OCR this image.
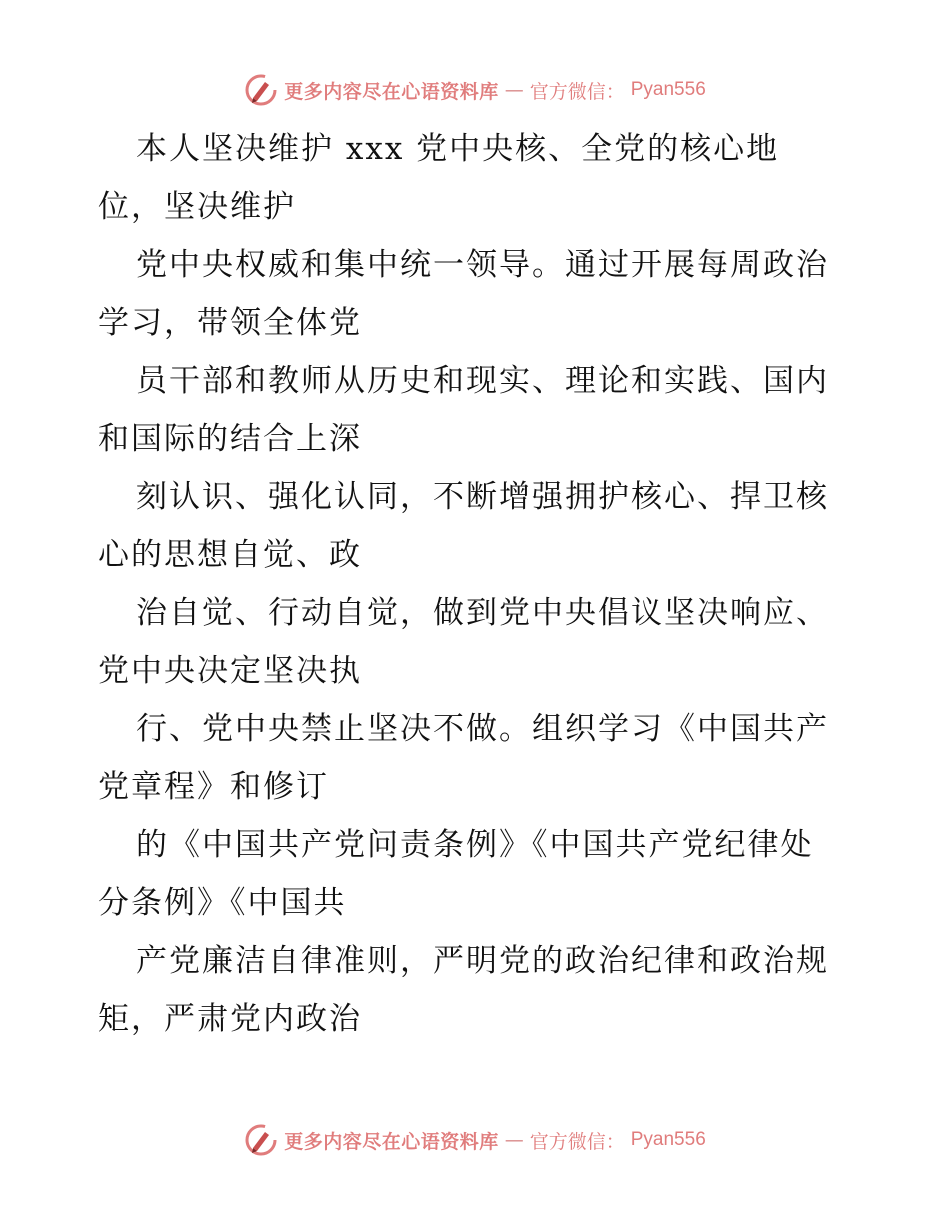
更多内容尽在心语资料库 — 官方微信： Pyan556
本人坚决维护 xxx 党中央核、全党的核心地
位，坚决维护
党中央权威和集中统一领导。通过开展每周政治
学习，带领全体党
员干部和教师从历史和现实、理论和实践、国内
和国际的结合上深
刻认识、强化认同，不断增强拥护核心、捍卫核
心的思想自觉、政
治自觉、行动自觉，做到党中央倡议坚决响应、
党中央决定坚决执
行、党中央禁止坚决不做。组织学习《中国共产
党章程》和修订
的《中国共产党问责条例》《中国共产党纪律处
分条例》《中国共
产党廉洁自律准则，严明党的政治纪律和政治规
矩，严肃党内政治
更多内容尽在心语资料库 — 官方微信： Pyan556
